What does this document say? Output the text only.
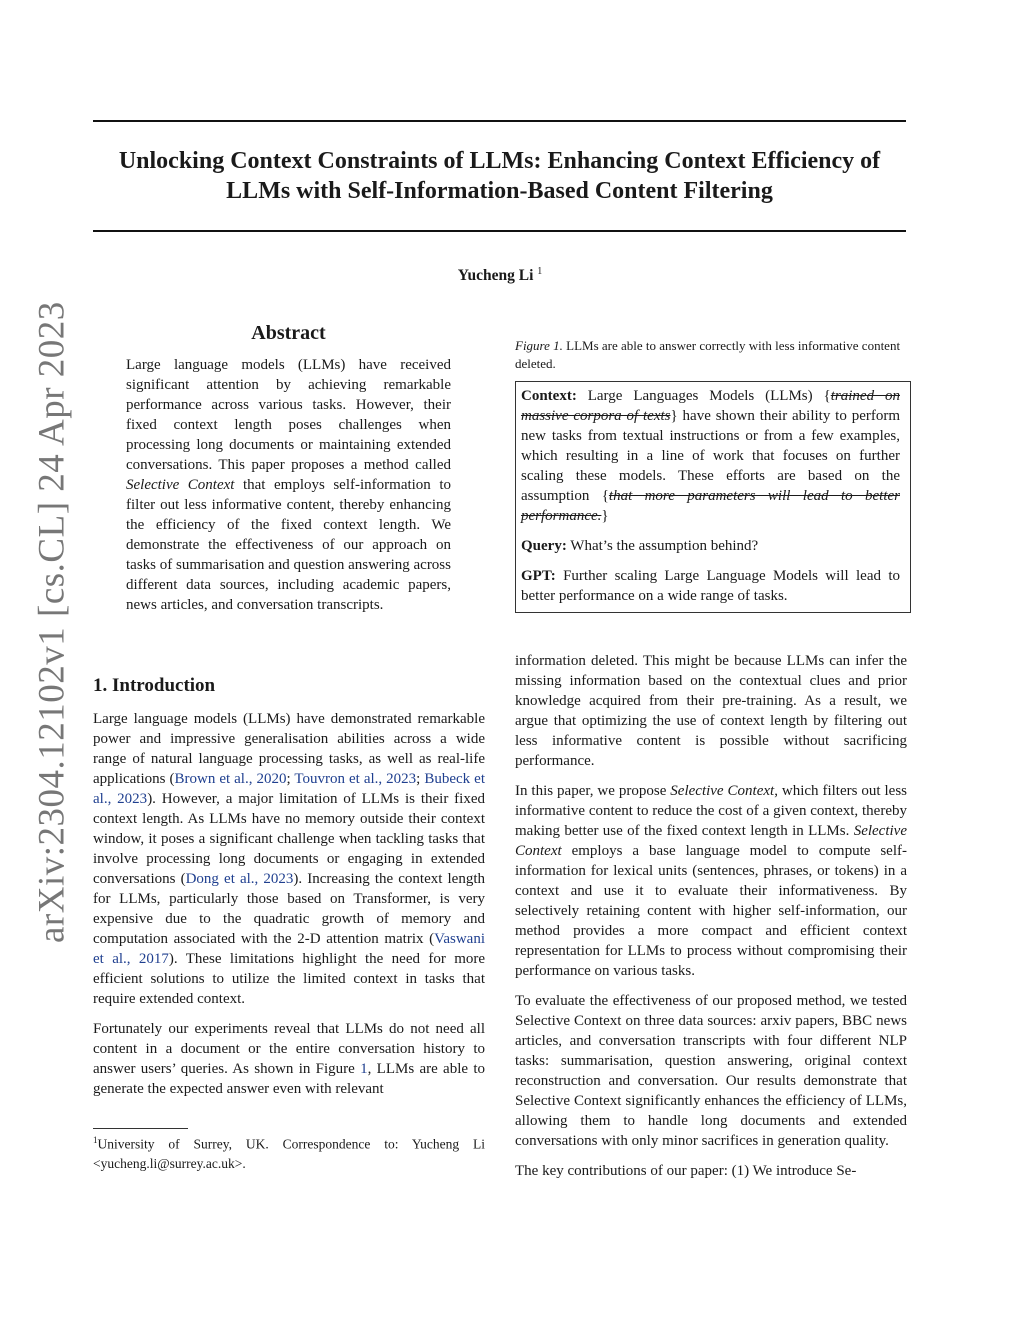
Unlocking Context Constraints of LLMs: Enhancing Context Efficiency of
LLMs with Self-Information-Based Content Filtering
Yucheng Li $^1$
arXiv:2304.12102v1 [cs.CL] 24 Apr 2023	Abstract

Large language models (LLMs) have received significant attention by achieving remarkable performance across various tasks. However, their fixed context length poses challenges when processing long documents or maintaining extended conversations. This paper proposes a method called Selective Context that employs self-information to filter out less informative content, thereby enhancing the efficiency of the fixed context length. We demonstrate the effectiveness of our approach on tasks of summarisation and question answering across different data sources, including academic papers, news articles, and conversation transcripts.

1. Introduction

Large language models (LLMs) have demonstrated remarkable power and impressive generalisation abilities across a wide range of natural language processing tasks, as well as real-life applications (Brown et al., 2020; Touvron et al., 2023; Bubeck et al., 2023). However, a major limitation of LLMs is their fixed context length. As LLMs have no memory outside their context window, it poses a significant challenge when tackling tasks that involve processing long documents or engaging in extended conversations (Dong et al., 2023). Increasing the context length for LLMs, particularly those based on Transformer, is very expensive due to the quadratic growth of memory and computation associated with the 2-D attention matrix (Vaswani et al., 2017). These limitations highlight the need for more efficient solutions to utilize the limited context in tasks that require extended context.

Fortunately our experiments reveal that LLMs do not need all content in a document or the entire conversation history to answer users’ queries. As shown in Figure 1, LLMs are able to generate the expected answer even with relevant

$^1$University of Surrey, UK. Correspondence to: Yucheng Li <yucheng.li@surrey.ac.uk>.

Figure 1. LLMs are able to answer correctly with less informative content deleted.

Context: Large Languages Models (LLMs) {trained on massive corpora of texts} have shown their ability to perform new tasks from textual instructions or from a few examples, which resulting in a line of work that focuses on further scaling these models. These efforts are based on the assumption {that more parameters will lead to better performance.}

Query: What’s the assumption behind?

GPT: Further scaling Large Language Models will lead to better performance on a wide range of tasks.

information deleted. This might be because LLMs can infer the missing information based on the contextual clues and prior knowledge acquired from their pre-training. As a result, we argue that optimizing the use of context length by filtering out less informative content is possible without sacrificing performance.

In this paper, we propose Selective Context, which filters out less informative content to reduce the cost of a given context, thereby making better use of the fixed context length in LLMs. Selective Context employs a base language model to compute self-information for lexical units (sentences, phrases, or tokens) in a context and use it to evaluate their informativeness. By selectively retaining content with higher self-information, our method provides a more compact and efficient context representation for LLMs to process without compromising their performance on various tasks.

To evaluate the effectiveness of our proposed method, we tested Selective Context on three data sources: arxiv papers, BBC news articles, and conversation transcripts with four different NLP tasks: summarisation, question answering, original context reconstruction and conversation. Our results demonstrate that Selective Context significantly enhances the efficiency of LLMs, allowing them to handle long documents and extended conversations with only minor sacrifices in generation quality.

The key contributions of our paper: (1) We introduce Se-
